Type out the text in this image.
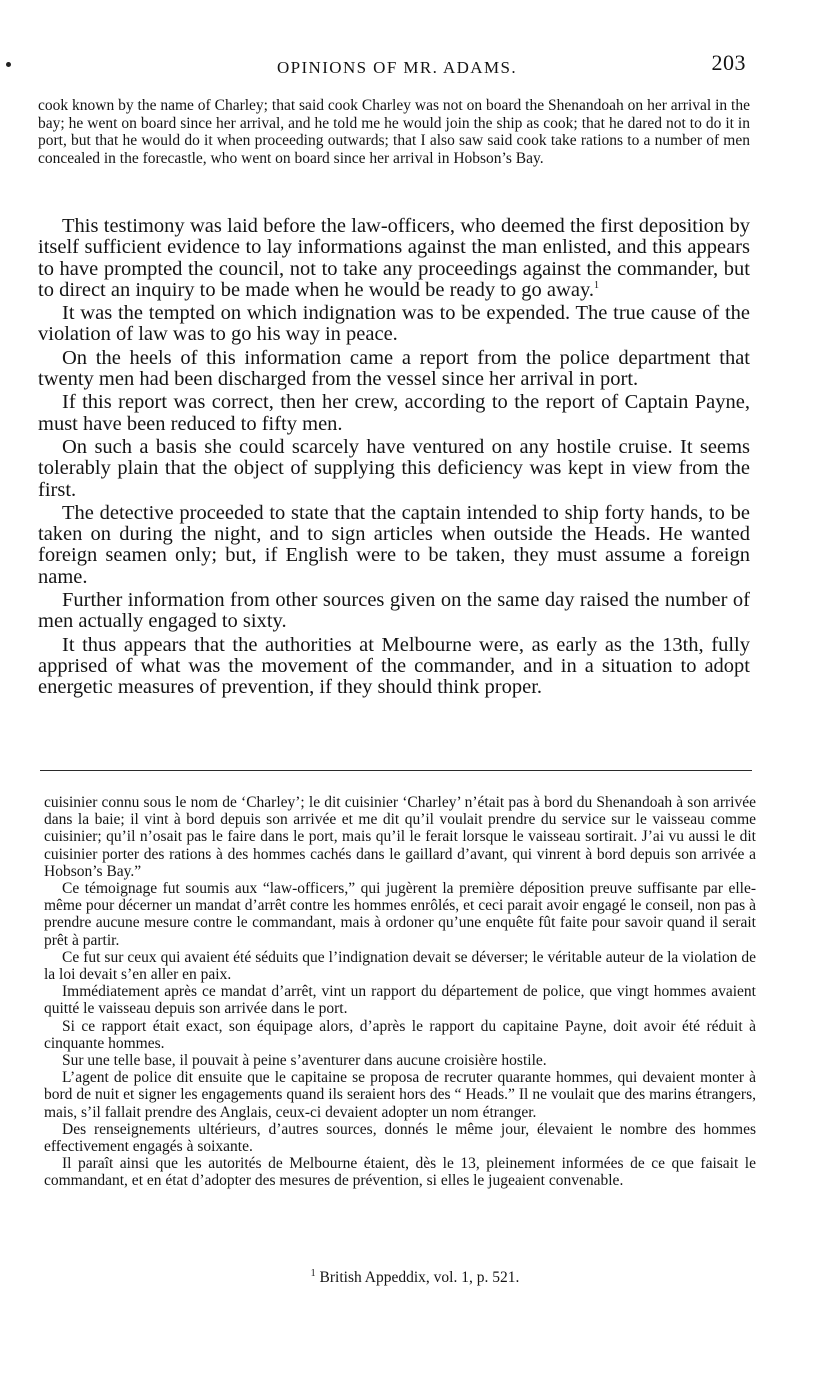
OPINIONS OF MR. ADAMS.	203
cook known by the name of Charley; that said cook Charley was not on board the Shenandoah on her arrival in the bay; he went on board since her arrival, and he told me he would join the ship as cook; that he dared not to do it in port, but that he would do it when proceeding outwards; that I also saw said cook take rations to a number of men concealed in the forecastle, who went on board since her arrival in Hobson’s Bay.

This testimony was laid before the law-officers, who deemed the first deposition by itself sufficient evidence to lay informations against the man enlisted, and this appears to have prompted the council, not to take any proceedings against the commander, but to direct an inquiry to be made when he would be ready to go away.$^1$

It was the tempted on which indignation was to be expended. The true cause of the violation of law was to go his way in peace.

On the heels of this information came a report from the police department that twenty men had been discharged from the vessel since her arrival in port.

If this report was correct, then her crew, according to the report of Captain Payne, must have been reduced to fifty men.

On such a basis she could scarcely have ventured on any hostile cruise. It seems tolerably plain that the object of supplying this deficiency was kept in view from the first.

The detective proceeded to state that the captain intended to ship forty hands, to be taken on during the night, and to sign articles when outside the Heads. He wanted foreign seamen only; but, if English were to be taken, they must assume a foreign name.

Further information from other sources given on the same day raised the number of men actually engaged to sixty.

It thus appears that the authorities at Melbourne were, as early as the 13th, fully apprised of what was the movement of the commander, and in a situation to adopt energetic measures of prevention, if they should think proper.

cuisinier connu sous le nom de ‘Charley’; le dit cuisinier ‘Charley’ n’était pas à bord du Shenandoah à son arrivée dans la baie; il vint à bord depuis son arrivée et me dit qu’il voulait prendre du service sur le vaisseau comme cuisinier; qu’il n’osait pas le faire dans le port, mais qu’il le ferait lorsque le vaisseau sortirait. J’ai vu aussi le dit cuisinier porter des rations à des hommes cachés dans le gaillard d’avant, qui vinrent à bord depuis son arrivée a Hobson’s Bay.”

Ce témoignage fut soumis aux “law-officers,” qui jugèrent la première déposition preuve suffisante par elle-même pour décerner un mandat d’arrêt contre les hommes enrôlés, et ceci parait avoir engagé le conseil, non pas à prendre aucune mesure contre le commandant, mais à ordoner qu’une enquête fût faite pour savoir quand il serait prêt à partir.

Ce fut sur ceux qui avaient été séduits que l’indignation devait se déverser; le véritable auteur de la violation de la loi devait s’en aller en paix.

Immédiatement après ce mandat d’arrêt, vint un rapport du département de police, que vingt hommes avaient quitté le vaisseau depuis son arrivée dans le port.

Si ce rapport était exact, son équipage alors, d’après le rapport du capitaine Payne, doit avoir été réduit à cinquante hommes.

Sur une telle base, il pouvait à peine s’aventurer dans aucune croisière hostile.

L’agent de police dit ensuite que le capitaine se proposa de recruter quarante hommes, qui devaient monter à bord de nuit et signer les engagements quand ils seraient hors des “ Heads.” Il ne voulait que des marins étrangers, mais, s’il fallait prendre des Anglais, ceux-ci devaient adopter un nom étranger.

Des renseignements ultérieurs, d’autres sources, donnés le même jour, élevaient le nombre des hommes effectivement engagés à soixante.

Il paraît ainsi que les autorités de Melbourne étaient, dès le 13, pleinement informées de ce que faisait le commandant, et en état d’adopter des mesures de prévention, si elles le jugeaient convenable.

$^1$ British Appeddix, vol. 1, p. 521.
